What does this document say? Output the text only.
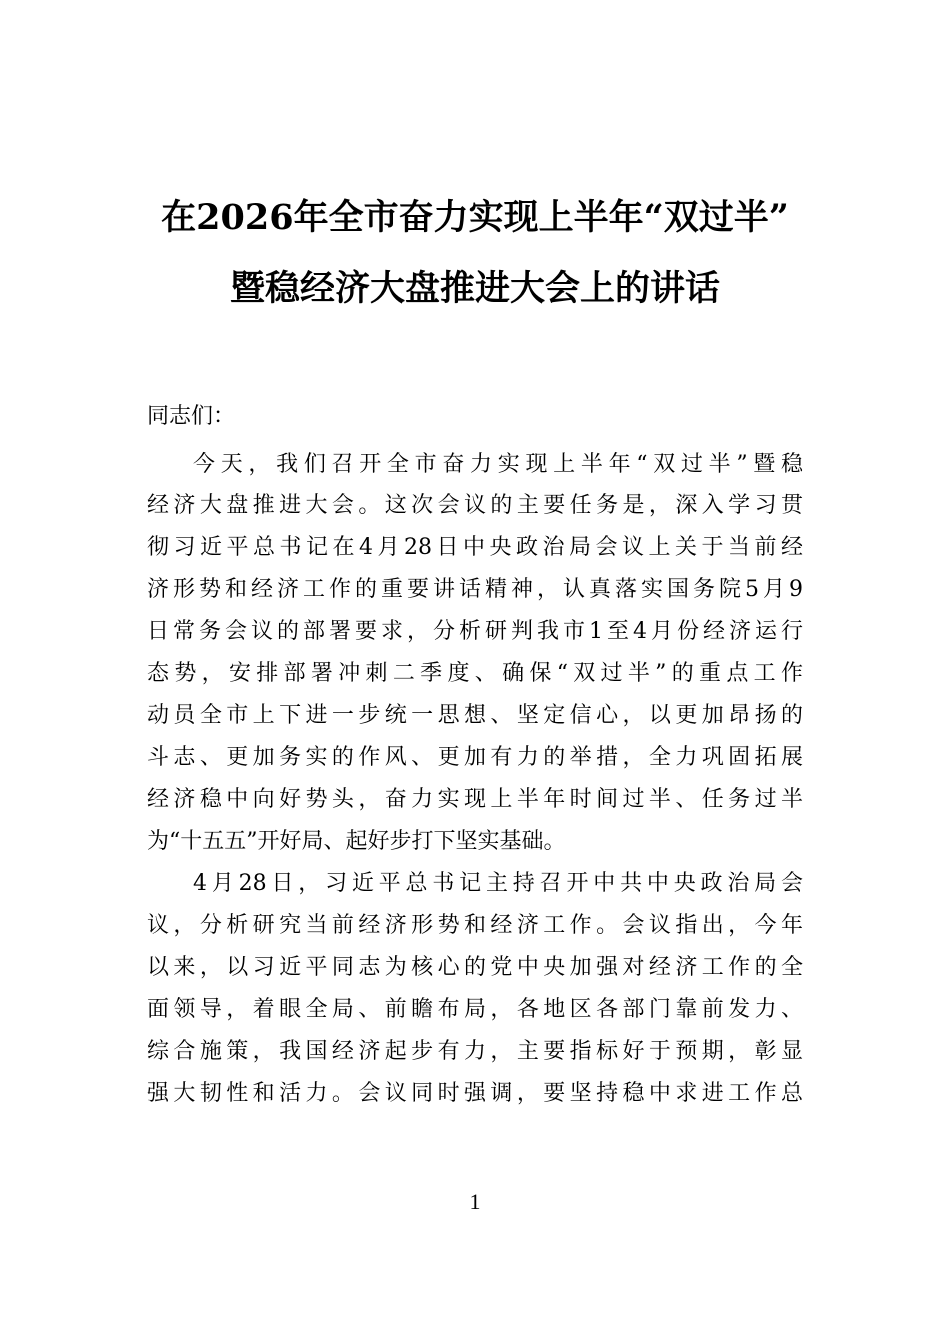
在2026年全市奋力实现上半年“双过半”
暨稳经济大盘推进大会上的讲话
同志们：
今天，我们召开全市奋力实现上半年“双过半”暨稳
经济大盘推进大会。这次会议的主要任务是，深入学习贯
彻习近平总书记在4月28日中央政治局会议上关于当前经
济形势和经济工作的重要讲话精神，认真落实国务院5月9
日常务会议的部署要求，分析研判我市1至4月份经济运行
态势，安排部署冲刺二季度、确保“双过半”的重点工作
动员全市上下进一步统一思想、坚定信心，以更加昂扬的
斗志、更加务实的作风、更加有力的举措，全力巩固拓展
经济稳中向好势头，奋力实现上半年时间过半、任务过半
为“十五五”开好局、起好步打下坚实基础。
4月28日，习近平总书记主持召开中共中央政治局会
议，分析研究当前经济形势和经济工作。会议指出，今年
以来，以习近平同志为核心的党中央加强对经济工作的全
面领导，着眼全局、前瞻布局，各地区各部门靠前发力、
综合施策，我国经济起步有力，主要指标好于预期，彰显
强大韧性和活力。会议同时强调，要坚持稳中求进工作总
1
